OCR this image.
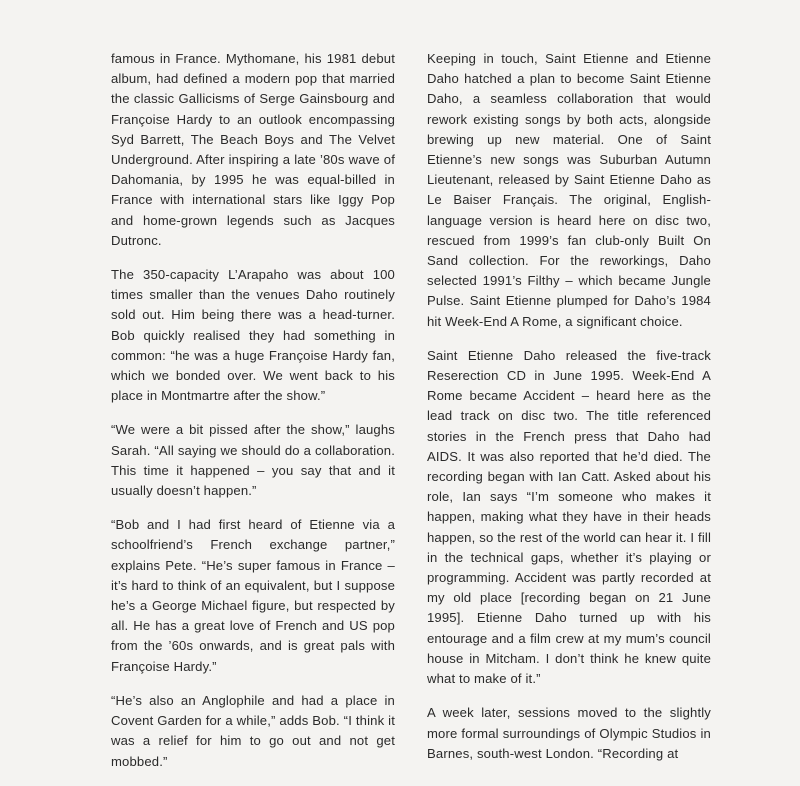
famous in France. Mythomane, his 1981 debut album, had defined a modern pop that married the classic Gallicisms of Serge Gainsbourg and Françoise Hardy to an outlook encompassing Syd Barrett, The Beach Boys and The Velvet Underground. After inspiring a late ’80s wave of Dahomania, by 1995 he was equal-billed in France with international stars like Iggy Pop and home-grown legends such as Jacques Dutronc.

The 350-capacity L’Arapaho was about 100 times smaller than the venues Daho routinely sold out. Him being there was a head-turner. Bob quickly realised they had something in common: “he was a huge Françoise Hardy fan, which we bonded over. We went back to his place in Montmartre after the show.”

“We were a bit pissed after the show,” laughs Sarah. “All saying we should do a collaboration. This time it happened – you say that and it usually doesn’t happen.”

“Bob and I had first heard of Etienne via a schoolfriend’s French exchange partner,” explains Pete. “He’s super famous in France – it’s hard to think of an equivalent, but I suppose he’s a George Michael figure, but respected by all. He has a great love of French and US pop from the ’60s onwards, and is great pals with Françoise Hardy.”

“He’s also an Anglophile and had a place in Covent Garden for a while,” adds Bob. “I think it was a relief for him to go out and not get mobbed.”

Keeping in touch, Saint Etienne and Etienne Daho hatched a plan to become Saint Etienne Daho, a seamless collaboration that would rework existing songs by both acts, alongside brewing up new material. One of Saint Etienne’s new songs was Suburban Autumn Lieutenant, released by Saint Etienne Daho as Le Baiser Français. The original, English-language version is heard here on disc two, rescued from 1999’s fan club-only Built On Sand collection. For the reworkings, Daho selected 1991’s Filthy – which became Jungle Pulse. Saint Etienne plumped for Daho’s 1984 hit Week-End A Rome, a significant choice.

Saint Etienne Daho released the five-track Reserection CD in June 1995. Week-End A Rome became Accident – heard here as the lead track on disc two. The title referenced stories in the French press that Daho had AIDS. It was also reported that he’d died. The recording began with Ian Catt. Asked about his role, Ian says “I’m someone who makes it happen, making what they have in their heads happen, so the rest of the world can hear it. I fill in the technical gaps, whether it’s playing or programming. Accident was partly recorded at my old place [recording began on 21 June 1995]. Etienne Daho turned up with his entourage and a film crew at my mum’s council house in Mitcham. I don’t think he knew quite what to make of it.”

A week later, sessions moved to the slightly more formal surroundings of Olympic Studios in Barnes, south-west London. “Recording at
